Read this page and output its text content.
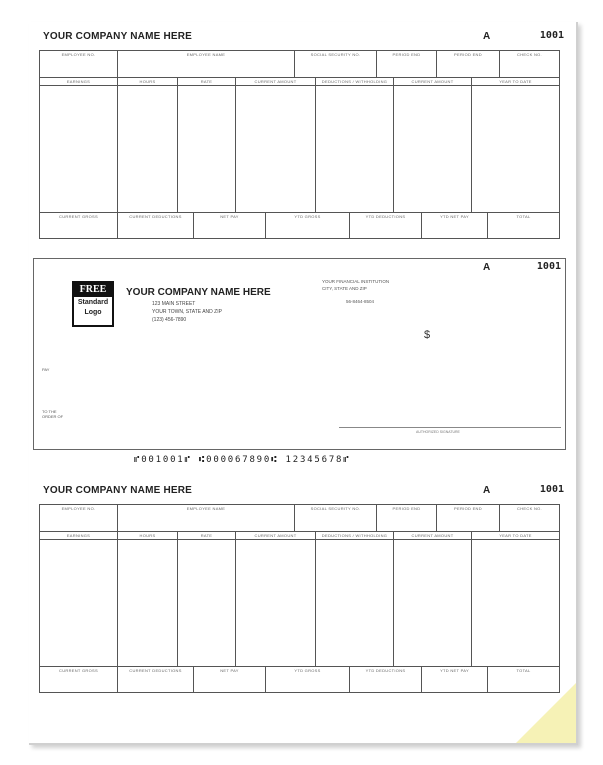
YOUR COMPANY NAME HERE	A	1001
EMPLOYEE NO.	EMPLOYEE NAME	SOCIAL SECURITY NO.	PERIOD END	PERIOD END	CHECK NO.
EARNINGS	HOURS	RATE	CURRENT AMOUNT	DEDUCTIONS / WITHHOLDING	CURRENT AMOUNT	YEAR TO DATE

CURRENT GROSS	CURRENT DEDUCTIONS	NET PAY	YTD GROSS	YTD DEDUCTIONS	YTD NET PAY	TOTAL
FREE
Standard
Logo
YOUR COMPANY NAME HERE
123 MAIN STREET
YOUR TOWN, STATE AND ZIP
(123) 456-7890
YOUR FINANCIAL INSTITUTION
CITY, STATE AND ZIP
56-8464-8504
A	1001
$
PAY
TO THE ORDER OF
AUTHORIZED SIGNATURE
⑈001001⑈ ⑆000067890⑆ 12345678⑈
YOUR COMPANY NAME HERE	A	1001
EMPLOYEE NO.	EMPLOYEE NAME	SOCIAL SECURITY NO.	PERIOD END	PERIOD END	CHECK NO.
EARNINGS	HOURS	RATE	CURRENT AMOUNT	DEDUCTIONS / WITHHOLDING	CURRENT AMOUNT	YEAR TO DATE

CURRENT GROSS	CURRENT DEDUCTIONS	NET PAY	YTD GROSS	YTD DEDUCTIONS	YTD NET PAY	TOTAL
